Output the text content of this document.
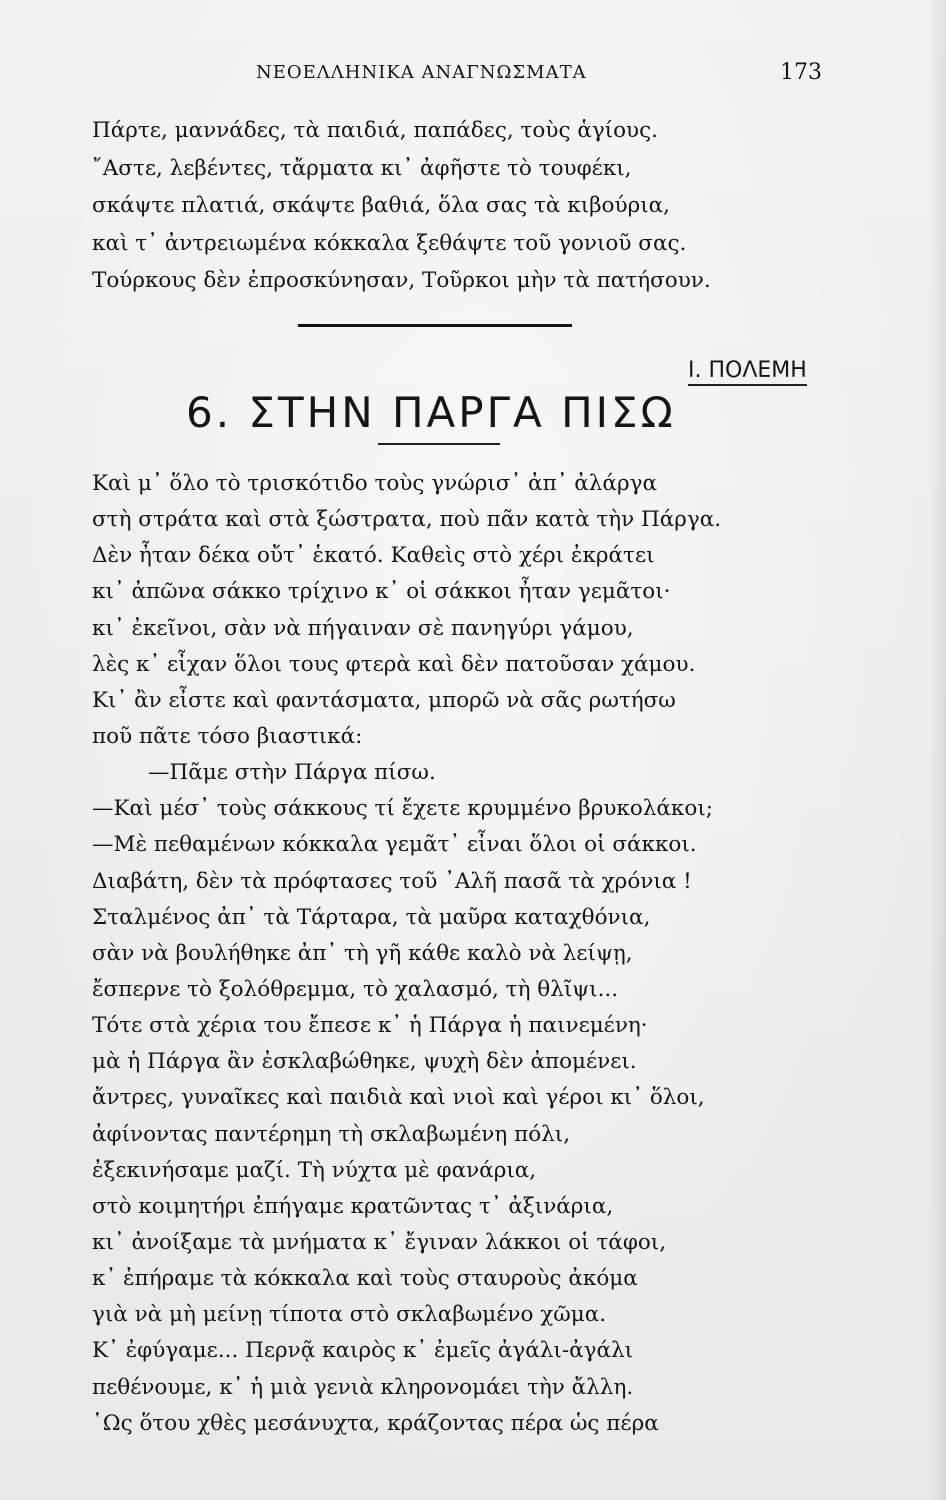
ΝΕΟΕΛΛΗΝΙΚΑ ΑΝΑΓΝΩΣΜΑΤΑ	173
Πάρτε, μαννάδες, τὰ παιδιά, παπάδες, τοὺς ἁγίους.
῎Αστε, λεβέντες, τἄρματα κι᾽ ἀφῆστε τὸ τουφέκι,
σκάψτε πλατιά, σκάψτε βαθιά, ὅλα σας τὰ κιβούρια,
καὶ τ᾽ ἀντρειωμένα κόκκαλα ξεθάψτε τοῦ γονιοῦ σας.
Τούρκους δὲν ἐπροσκύνησαν, Τοῦρκοι μὴν τὰ πατήσουν.
Ι. ΠΟΛΕΜΗ
6. ΣΤΗΝ ΠΑΡΓΑ ΠΙΣΩ
Καὶ μ᾽ ὅλο τὸ τρισκότιδο τοὺς γνώρισ᾽ ἀπ᾽ ἀλάργα
στὴ στράτα καὶ στὰ ξώστρατα, ποὺ πᾶν κατὰ τὴν Πάργα.
Δὲν ἦταν δέκα οὔτ᾽ ἑκατό. Καθεὶς στὸ χέρι ἐκράτει
κι᾽ ἀπῶνα σάκκο τρίχινο κ᾽ οἱ σάκκοι ἦταν γεμᾶτοι·
κι᾽ ἐκεῖνοι, σὰν νὰ πήγαιναν σὲ πανηγύρι γάμου,
λὲς κ᾽ εἶχαν ὅλοι τους φτερὰ καὶ δὲν πατοῦσαν χάμου.
Κι᾽ ἂν εἶστε καὶ φαντάσματα, μπορῶ νὰ σᾶς ρωτήσω
ποῦ πᾶτε τόσο βιαστικά:
—Πᾶμε στὴν Πάργα πίσω.
—Καὶ μέσ᾽ τοὺς σάκκους τί ἔχετε κρυμμένο βρυκολάκοι;
—Μὲ πεθαμένων κόκκαλα γεμᾶτ᾽ εἶναι ὅλοι οἱ σάκκοι.
Διαβάτη, δὲν τὰ πρόφτασες τοῦ ᾽Αλῆ πασᾶ τὰ χρόνια !
Σταλμένος ἀπ᾽ τὰ Τάρταρα, τὰ μαῦρα καταχθόνια,
σὰν νὰ βουλήθηκε ἀπ᾽ τὴ γῆ κάθε καλὸ νὰ λείψῃ,
ἔσπερνε τὸ ξολόθρεμμα, τὸ χαλασμό, τὴ θλῖψι...
Τότε στὰ χέρια του ἔπεσε κ᾽ ἡ Πάργα ἡ παινεμένη·
μὰ ἡ Πάργα ἂν ἐσκλαβώθηκε, ψυχὴ δὲν ἀπομένει.
ἄντρες, γυναῖκες καὶ παιδιὰ καὶ νιοὶ καὶ γέροι κι᾽ ὅλοι,
ἀφίνοντας παντέρημη τὴ σκλαβωμένη πόλι,
ἐξεκινήσαμε μαζί. Τὴ νύχτα μὲ φανάρια,
στὸ κοιμητήρι ἐπήγαμε κρατῶντας τ᾽ ἀξινάρια,
κι᾽ ἀνοίξαμε τὰ μνήματα κ᾽ ἔγιναν λάκκοι οἱ τάφοι,
κ᾽ ἐπήραμε τὰ κόκκαλα καὶ τοὺς σταυροὺς ἀκόμα
γιὰ νὰ μὴ μείνῃ τίποτα στὸ σκλαβωμένο χῶμα.
Κ᾽ ἐφύγαμε... Περνᾷ καιρὸς κ᾽ ἐμεῖς ἀγάλι-ἀγάλι
πεθένουμε, κ᾽ ἡ μιὰ γενιὰ κληρονομάει τὴν ἄλλη.
῾Ως ὅτου χθὲς μεσάνυχτα, κράζοντας πέρα ὡς πέρα
